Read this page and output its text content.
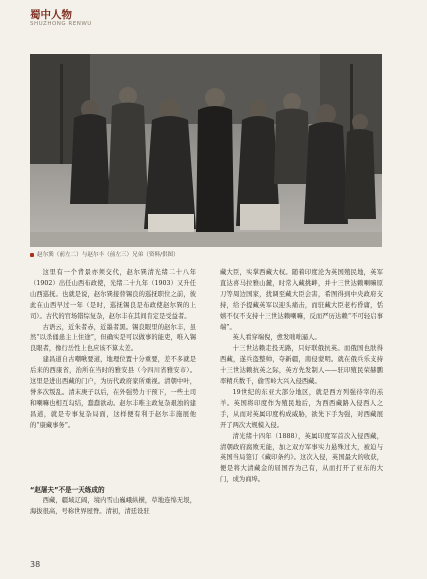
蜀中人物
SHUZHONG RENWU
赵尔巽（前左二）与赵尔丰（前左三）兄弟（资料/供图）

这里有一个背景亦须交代，赵尔巽清光绪二十八年（1902）出任山西布政使，光绪二十九年（1903）又升任山西巡抚。也就是说，赵尔巽接替锡良的巡抚职位之前，彼此在山西早过一年（是时，巡抚锡良是布政使赵尔巽的上司）。古代的官场错综复杂，赵尔丰在其间肯定是受益者。

古语云，近朱者赤，近墨者黑。锡良眼里的赵尔丰，虽然“以杀俑患主上住途”，但确实是可以做事的能吏，唯入锡良眼者，像行岳性上也应该不算太差。

建昌道自古嘲啾要道，地理位置十分重要，差不多就是后来的西康省，治所在当时的雅安县（今四川省雅安市）。这里是进出西藏的门户，为历代政府家所重视。清朝中叶，誉多次叛乱。清末庚子以后，在外强势力干预下，一些土司和喇嘛也相互勾结，蠢蠢欲动。赵尔丰唯主政复杂艰浊的建昌道，就是专事复杂局面，这样便有利于赵尔丰施展他的“康藏事务”。

“赵屠夫”不是一天练成的

西藏，疆域辽阔，境内雪山巍峨纵横，草地连绵无垠，海拔很高，号称世界屋脊。清初，清廷设驻

藏大臣，实掌西藏大权。随着印度沦为英国殖民地，英军直达喜马拉雅山麓，时常入藏挑衅，并十三世达赖喇嘛原刀等周边国家，扰调至藏大臣会害，希图得到中央政府支持，给予提藏英军以迎头痛击，而驻藏大臣老朽昏庸，恬嬉不仅不支持十三世达赖喇嘛，反而严历达赖“不可轻启事端”。

英人看穿端倪，愈发咄咄逼人。

十三世达赖走投无路，只好联俄抗英。而俄国也肤得西藏，遂兵盗整帅，夺新疆，南侵蒙明。就在俄兵乐支持十三世达赖抗英之际，英方先发制人——驻印殖民荣赫鹏率精兵数千，偷雪岭大兴入侵西藏。

19世纪的东亚大部分地区，就是西方列强待宰的羔羊。英国将印度作为殖民地后，为西西藏路入侵西人之手，从而对英属印度构成威胁，欲先下手为强，对西藏展开了两次大规模入侵。

清光绪十四年（1888），英属印度军首次入侵西藏，清朝政府腐败无能，加之双方军事实力悬殊过大，被迫与英国当局签订《藏印条约》。这次入侵，英国最大的收获，便是将大清藏金的屈国吞为己有，从而打开了亚东的大门，成为商埠。

38
